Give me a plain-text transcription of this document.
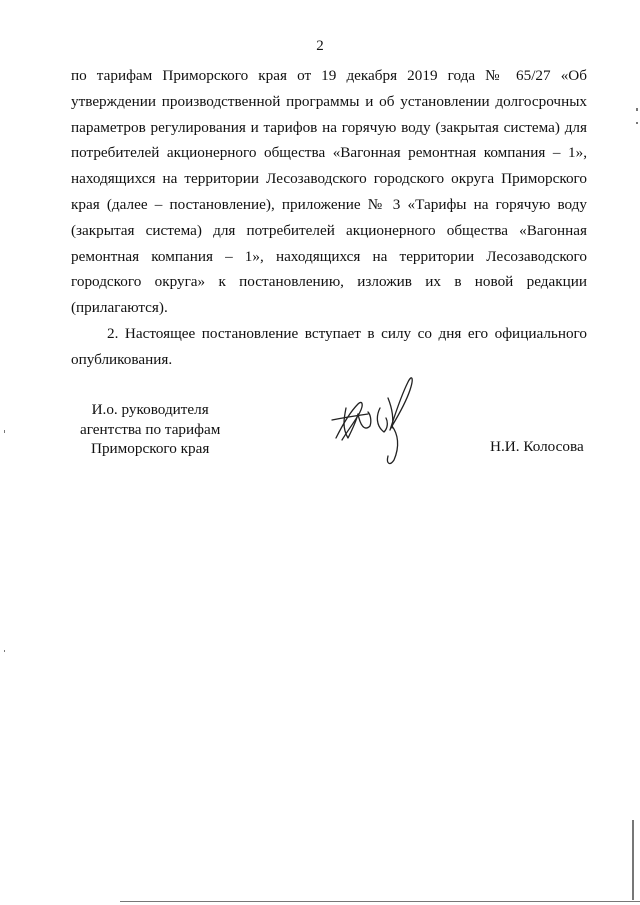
2

по тарифам Приморского края от 19 декабря 2019 года № 65/27 «Об утверждении производственной программы и об установлении долгосрочных параметров регулирования и тарифов на горячую воду (закрытая система) для потребителей акционерного общества «Вагонная ремонтная компания – 1», находящихся на территории Лесозаводского городского округа Приморского края (далее – постановление), приложение № 3 «Тарифы на горячую воду (закрытая система) для потребителей акционерного общества «Вагонная ремонтная компания – 1», находящихся на территории Лесозаводского городского округа» к постановлению, изложив их в новой редакции (прилагаются).

2. Настоящее постановление вступает в силу со дня его официального опубликования.

И.о. руководителя
агентства по тарифам
Приморского края	Н.И. Колосова
